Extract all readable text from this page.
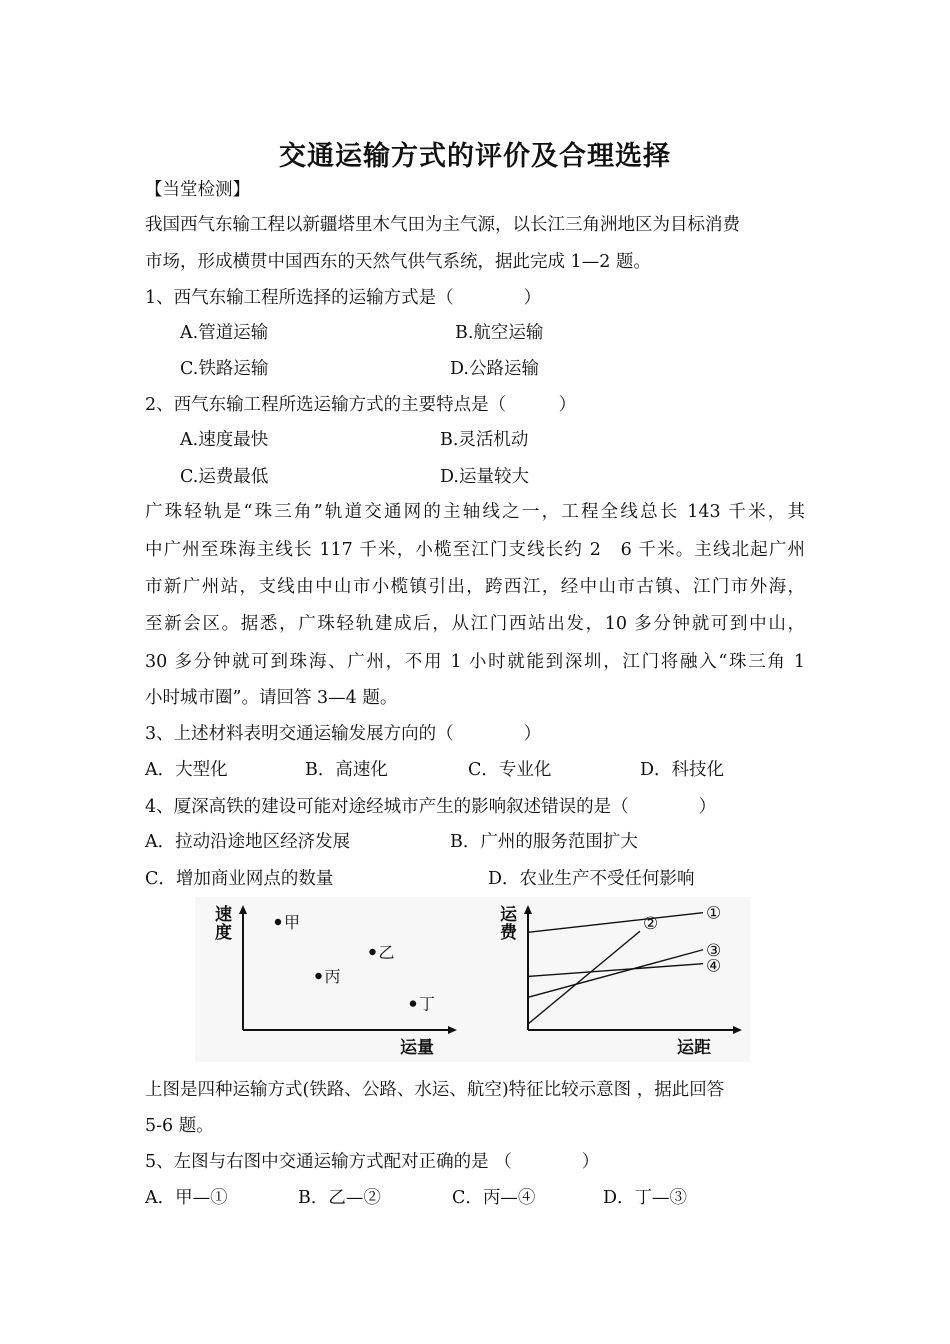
交通运输方式的评价及合理选择
【当堂检测】
我国西气东输工程以新疆塔里木气田为主气源，以长江三角洲地区为目标消费
市场，形成横贯中国西东的天然气供气系统，据此完成 1—2 题。
1、西气东输工程所选择的运输方式是（　　　　）
A.管道运输	B.航空运输
C.铁路运输	D.公路运输
2、西气东输工程所选运输方式的主要特点是（　　　）
A.速度最快	B.灵活机动
C.运费最低	D.运量较大
广珠轻轨是“珠三角”轨道交通网的主轴线之一，工程全线总长 143 千米，其
中广州至珠海主线长 117 千米，小榄至江门支线长约 2　6 千米。主线北起广州
市新广州站，支线由中山市小榄镇引出，跨西江，经中山市古镇、江门市外海，
至新会区。据悉，广珠轻轨建成后，从江门西站出发，10 多分钟就可到中山，
30 多分钟就可到珠海、广州，不用 1 小时就能到深圳，江门将融入“珠三角 1
小时城市圈”。请回答 3—4 题。
3、上述材料表明交通运输发展方向的（　　　　）
A．大型化	B．高速化	C．专业化	D．科技化
4、厦深高铁的建设可能对途经城市产生的影响叙述错误的是（　　　　）
A．拉动沿途地区经济发展	B．广州的服务范围扩大
C．增加商业网点的数量	D．农业生产不受任何影响
速
度
运量
甲
乙
丙
丁
运
费
运距
①
②
③
④
上图是四种运输方式(铁路、公路、水运、航空)特征比较示意图 ，据此回答
5-6 题。
5、左图与右图中交通运输方式配对正确的是 （　　　　）
A．甲—①	B．乙—②	C．丙—④	D．丁—③
